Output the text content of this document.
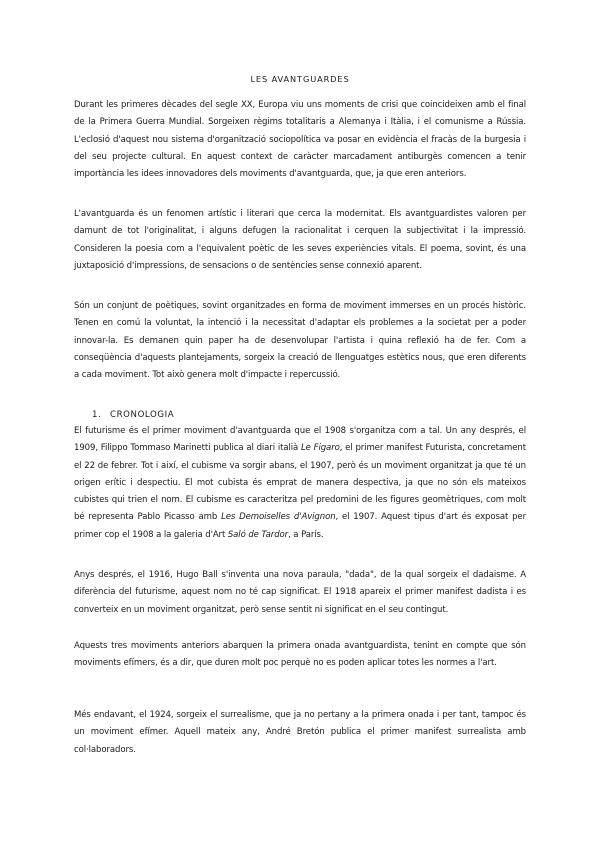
LES AVANTGUARDES

Durant les primeres dècades del segle XX, Europa viu uns moments de crisi que coincideixen amb el final de la Primera Guerra Mundial. Sorgeixen règims totalitaris a Alemanya i Itàlia, i el comunisme a Rússia. L'eclosió d'aquest nou sistema d'organització sociopolítica va posar en evidència el fracàs de la burgesia i del seu projecte cultural. En aquest context de caràcter marcadament antiburgès comencen a tenir importància les idees innovadores dels moviments d'avantguarda, que, ja que eren anteriors.

L'avantguarda és un fenomen artístic i literari que cerca la modernitat. Els avantguardistes valoren per damunt de tot l'originalitat, i alguns defugen la racionalitat i cerquen la subjectivitat i la impressió. Consideren la poesia com a l'equivalent poètic de les seves experiències vitals. El poema, sovint, és una juxtaposició d'impressions, de sensacions o de sentències sense connexió aparent.

Són un conjunt de poètiques, sovint organitzades en forma de moviment immerses en un procés històric. Tenen en comú la voluntat, la intenció i la necessitat d'adaptar els problemes a la societat per a poder innovar-la. Es demanen quin paper ha de desenvolupar l'artista i quina reflexió ha de fer. Com a conseqüència d'aquests plantejaments, sorgeix la creació de llenguatges estètics nous, que eren diferents a cada moviment. Tot això genera molt d'impacte i repercussió.

1. CRONOLOGIA

El futurisme és el primer moviment d'avantguarda que el 1908 s'organitza com a tal. Un any després, el 1909, Filippo Tommaso Marinetti publica al diari italià Le Figaro, el primer manifest Futurista, concretament el 22 de febrer. Tot i així, el cubisme va sorgir abans, el 1907, però és un moviment organitzat ja que té un origen erític i despectiu. El mot cubista és emprat de manera despectiva, ja que no són els mateixos cubistes qui trien el nom. El cubisme es caracteritza pel predomini de les figures geomètriques, com molt bé representa Pablo Picasso amb Les Demoiselles d'Avignon, el 1907. Aquest tipus d'art és exposat per primer cop el 1908 a la galeria d'Art Saló de Tardor, a París.

Anys després, el 1916, Hugo Ball s'inventa una nova paraula, "dada", de la qual sorgeix el dadaisme. A diferència del futurisme, aquest nom no té cap significat. El 1918 apareix el primer manifest dadista i es converteix en un moviment organitzat, però sense sentit ni significat en el seu contingut.

Aquests tres moviments anteriors abarquen la primera onada avantguardista, tenint en compte que són moviments efímers, és a dir, que duren molt poc perquè no es poden aplicar totes les normes a l'art.

Més endavant, el 1924, sorgeix el surrealisme, que ja no pertany a la primera onada i per tant, tampoc és un moviment efímer. Aquell mateix any, André Bretón publica el primer manifest surrealista amb col·laboradors.
